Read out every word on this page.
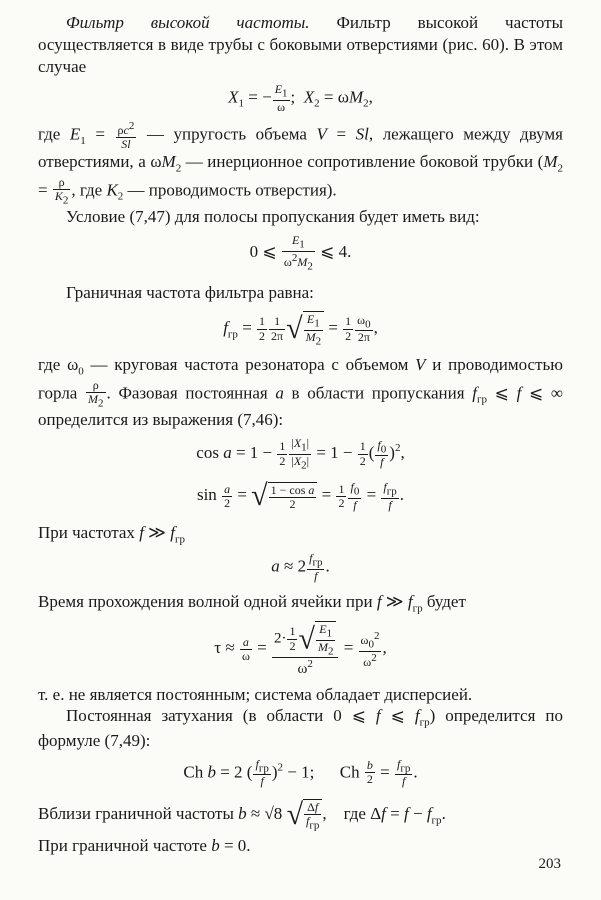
Фильтр высокой частоты. Фильтр высокой частоты осуществляется в виде трубы с боковыми отверстиями (рис. 60). В этом случае

$X_1$ = − $\frac{E_1}{\omega}$ ;  $X_2 = \omega M_2$,

где $E_1 = \frac{\rho c^2}{Sl}$ — упругость объема V = Sl, лежащего между двумя отверстиями, а $\omega M_2$ — инерционное сопротивление боковой трубки ($M_2 = \frac{\rho}{K_2}$ , где $K_2$ — проводимость отверстия).

Условие (7,47) для полосы пропускания будет иметь вид:

0 ⩽ $\frac{E_1}{\omega^2M_2}$ ⩽ 4.

Граничная частота фильтра равна:

$f_{гр} = \frac{1}{2} \frac{1}{2\pi}$ √ $\frac{E_1}{M_2} = \frac{1}{2} \frac{\omega_0}{2\pi}$ ,

где $\omega_0$ — круговая частота резонатора с объемом V и проводимостью горла $\frac{\rho}{M_2}$ . Фазовая постоянная a в области пропускания $f_{гр}$ ⩽ f ⩽ ∞ определится из выражения (7,46):

$\cos a = 1 - \frac{1}{2} \frac{|X_1|}{|X_2|} = 1 - \frac{1}{2}$ ( $\frac{f_0}{f} )^2$,
$\sin \frac{a}{2}$ = √ $\frac{\text{1 − cos a}}{2} = \frac{1}{2} \frac{f_0}{f} = \frac{f_{гр}}{f}$ .

При частотах f ≫ $f_{гр}$

$a \approx 2 \frac{f_{гр}}{f}$ .

Время прохождения волной одной ячейки при f ≫ $f_{гр}$ будет

$\tau \approx \frac{a}{\omega} = \frac{2\cdot \frac{1}{2} √ \frac{E_1}{M_2}}{\omega^2} = \frac{\omega_0^2}{\omega^2}$ ,

т. е. не является постоянным; система обладает дисперсией.

Постоянная затухания (в области 0 ⩽ f ⩽ $f_{гр}$) определится по формуле (7,49):

Ch b = 2 ( $\frac{f_{гр}}{f} )^2 - 1$;      Ch $\frac{b}{2} = \frac{f_{гр}}{f}$ .

Вблизи граничной частоты b ≈ √8 √ $\frac{\Delta f}{f_{гр}}$ ,    где $\Delta f = f - f_{гр}$.

При граничной частоте b = 0.

203
